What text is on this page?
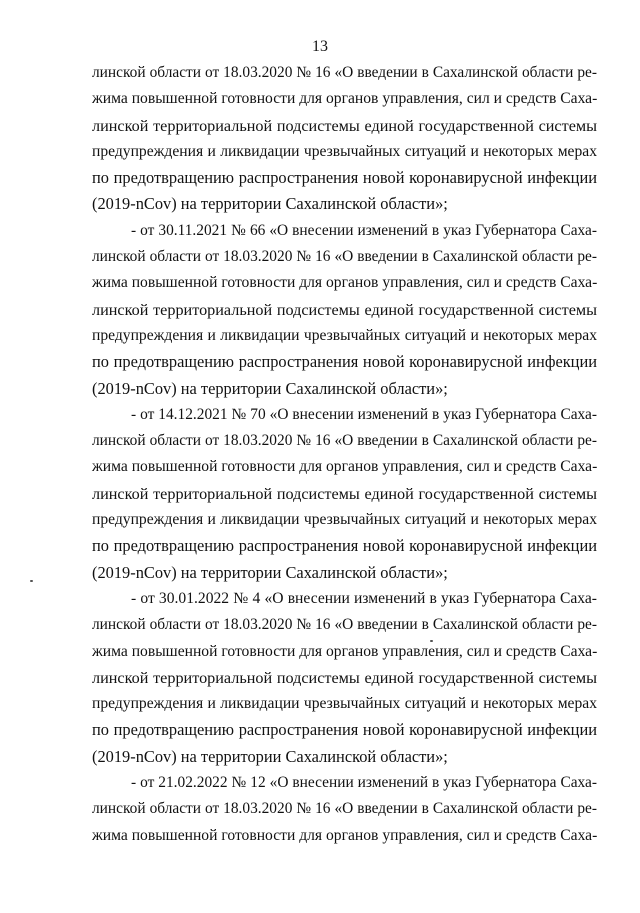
13
линской области от 18.03.2020 № 16 «О введении в Сахалинской области ре-
жима повышенной готовности для органов управления, сил и средств Саха-
линской территориальной подсистемы единой государственной системы
предупреждения и ликвидации чрезвычайных ситуаций и некоторых мерах
по предотвращению распространения новой коронавирусной инфекции
(2019-nCov) на территории Сахалинской области»;
- от 30.11.2021 № 66 «О внесении изменений в указ Губернатора Саха-
линской области от 18.03.2020 № 16 «О введении в Сахалинской области ре-
жима повышенной готовности для органов управления, сил и средств Саха-
линской территориальной подсистемы единой государственной системы
предупреждения и ликвидации чрезвычайных ситуаций и некоторых мерах
по предотвращению распространения новой коронавирусной инфекции
(2019-nCov) на территории Сахалинской области»;
- от 14.12.2021 № 70 «О внесении изменений в указ Губернатора Саха-
линской области от 18.03.2020 № 16 «О введении в Сахалинской области ре-
жима повышенной готовности для органов управления, сил и средств Саха-
линской территориальной подсистемы единой государственной системы
предупреждения и ликвидации чрезвычайных ситуаций и некоторых мерах
по предотвращению распространения новой коронавирусной инфекции
(2019-nCov) на территории Сахалинской области»;
- от 30.01.2022 № 4 «О внесении изменений в указ Губернатора Саха-
линской области от 18.03.2020 № 16 «О введении в Сахалинской области ре-
жима повышенной готовности для органов управления, сил и средств Саха-
линской территориальной подсистемы единой государственной системы
предупреждения и ликвидации чрезвычайных ситуаций и некоторых мерах
по предотвращению распространения новой коронавирусной инфекции
(2019-nCov) на территории Сахалинской области»;
- от 21.02.2022 № 12 «О внесении изменений в указ Губернатора Саха-
линской области от 18.03.2020 № 16 «О введении в Сахалинской области ре-
жима повышенной готовности для органов управления, сил и средств Саха-
